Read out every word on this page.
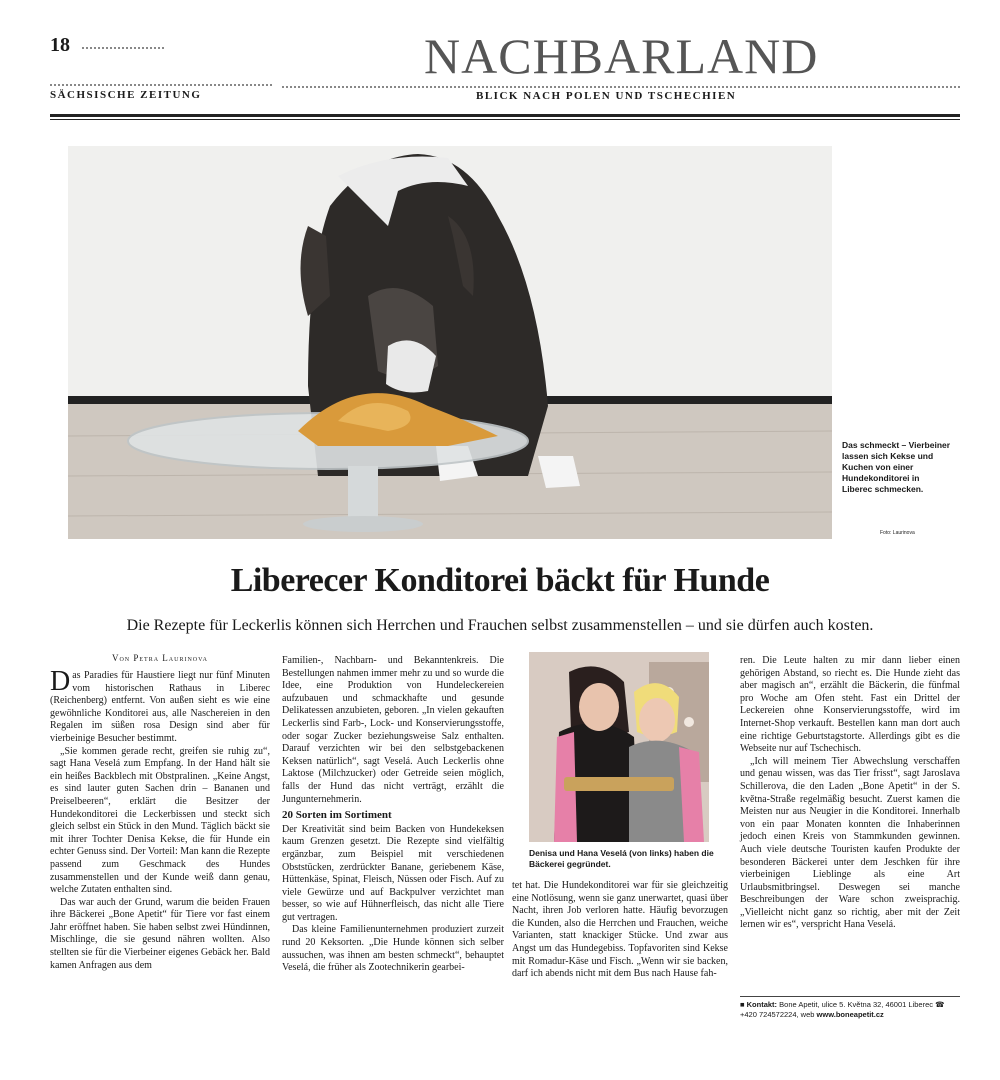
18
SÄCHSISCHE ZEITUNG
NACHBARLAND
BLICK NACH POLEN UND TSCHECHIEN
Das schmeckt – Vierbeiner lassen sich Kekse und Kuchen von einer Hundekonditorei in Liberec schmecken.
Foto: Laurinova
Liberecer Konditorei bäckt für Hunde
Die Rezepte für Leckerlis können sich Herrchen und Frauchen selbst zusammenstellen – und sie dürfen auch kosten.
Von Petra Laurinova

Das Paradies für Haustiere liegt nur fünf Minuten vom historischen Rathaus in Liberec (Reichenberg) entfernt. Von außen sieht es wie eine gewöhnliche Konditorei aus, alle Naschereien in den Regalen im süßen rosa Design sind aber für vierbeinige Besucher bestimmt.

„Sie kommen gerade recht, greifen sie ruhig zu“, sagt Hana Veselá zum Empfang. In der Hand hält sie ein heißes Backblech mit Obstpralinen. „Keine Angst, es sind lauter guten Sachen drin – Bananen und Preiselbeeren“, erklärt die Besitzer der Hundekonditorei die Leckerbissen und steckt sich gleich selbst ein Stück in den Mund. Täglich bäckt sie mit ihrer Tochter Denisa Kekse, die für Hunde ein echter Genuss sind. Der Vorteil: Man kann die Rezepte passend zum Geschmack des Hundes zusammenstellen und der Kunde weiß dann genau, welche Zutaten enthalten sind.

Das war auch der Grund, warum die beiden Frauen ihre Bäckerei „Bone Apetit“ für Tiere vor fast einem Jahr eröffnet haben. Sie haben selbst zwei Hündinnen, Mischlinge, die sie gesund nähren wollten. Also stellten sie für die Vierbeiner eigenes Gebäck her. Bald kamen Anfragen aus dem

Familien-, Nachbarn- und Bekanntenkreis. Die Bestellungen nahmen immer mehr zu und so wurde die Idee, eine Produktion von Hundeleckereien aufzubauen und schmackhafte und gesunde Delikatessen anzubieten, geboren. „In vielen gekauften Leckerlis sind Farb-, Lock- und Konservierungsstoffe, oder sogar Zucker beziehungsweise Salz enthalten. Darauf verzichten wir bei den selbstgebackenen Keksen natürlich“, sagt Veselá. Auch Leckerlis ohne Laktose (Milchzucker) oder Getreide seien möglich, falls der Hund das nicht verträgt, erzählt die Jungunternehmerin.

20 Sorten im Sortiment

Der Kreativität sind beim Backen von Hundekeksen kaum Grenzen gesetzt. Die Rezepte sind vielfältig ergänzbar, zum Beispiel mit verschiedenen Obststücken, zerdrückter Banane, geriebenem Käse, Hüttenkäse, Spinat, Fleisch, Nüssen oder Fisch. Auf zu viele Gewürze und auf Backpulver verzichtet man besser, so wie auf Hühnerfleisch, das nicht alle Tiere gut vertragen.

Das kleine Familienunternehmen produziert zurzeit rund 20 Keksorten. „Die Hunde können sich selber aussuchen, was ihnen am besten schmeckt“, behauptet Veselá, die früher als Zootechnikerin gearbei-

Denisa und Hana Veselá (von links) haben die Bäckerei gegründet.

tet hat. Die Hundekonditorei war für sie gleichzeitig eine Notlösung, wenn sie ganz unerwartet, quasi über Nacht, ihren Job verloren hatte. Häufig bevorzugen die Kunden, also die Herrchen und Frauchen, weiche Varianten, statt knackiger Stücke. Und zwar aus Angst um das Hundegebiss. Topfavoriten sind Kekse mit Romadur-Käse und Fisch. „Wenn wir sie backen, darf ich abends nicht mit dem Bus nach Hause fah-

ren. Die Leute halten zu mir dann lieber einen gehörigen Abstand, so riecht es. Die Hunde zieht das aber magisch an“, erzählt die Bäckerin, die fünfmal pro Woche am Ofen steht. Fast ein Drittel der Leckereien ohne Konservierungsstoffe, wird im Internet-Shop verkauft. Bestellen kann man dort auch eine richtige Geburtstagstorte. Allerdings gibt es die Webseite nur auf Tschechisch.

„Ich will meinem Tier Abwechslung verschaffen und genau wissen, was das Tier frisst“, sagt Jaroslava Schillerova, die den Laden „Bone Apetit“ in der S. května-Straße regelmäßig besucht. Zuerst kamen die Meisten nur aus Neugier in die Konditorei. Innerhalb von ein paar Monaten konnten die Inhaberinnen jedoch einen Kreis von Stammkunden gewinnen. Auch viele deutsche Touristen kaufen Produkte der besonderen Bäckerei unter dem Jeschken für ihre vierbeinigen Lieblinge als eine Art Urlaubsmitbringsel. Deswegen sei manche Beschreibungen der Ware schon zweisprachig. „Vielleicht nicht ganz so richtig, aber mit der Zeit lernen wir es“, verspricht Hana Veselá.

■ Kontakt: Bone Apetit, ulice 5. Května 32, 46001 Liberec ☎ +420 724572224, web www.boneapetit.cz
